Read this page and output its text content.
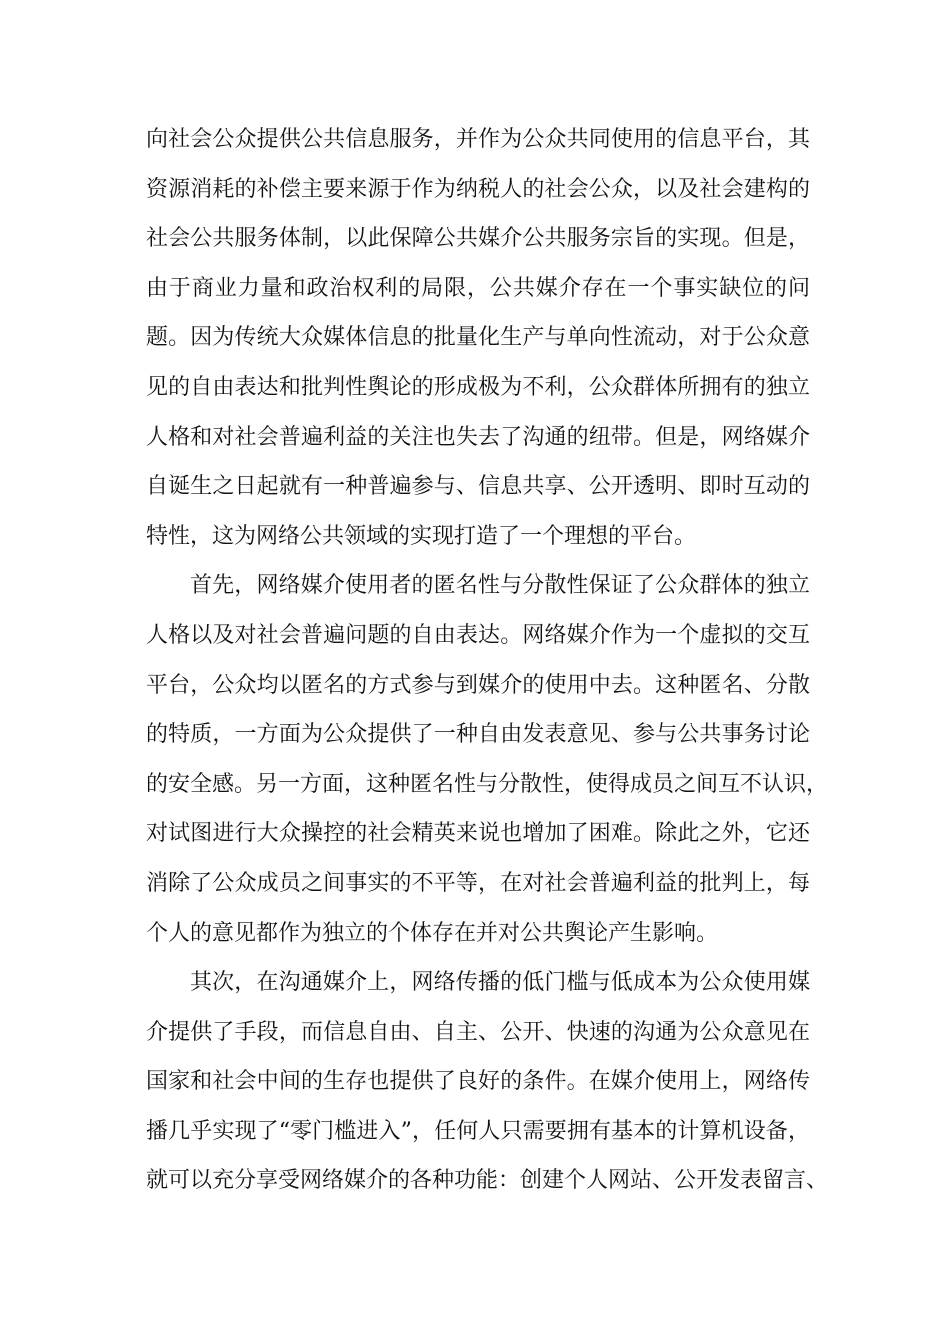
向社会公众提供公共信息服务，并作为公众共同使用的信息平台，其
资源消耗的补偿主要来源于作为纳税人的社会公众，以及社会建构的
社会公共服务体制，以此保障公共媒介公共服务宗旨的实现。但是，
由于商业力量和政治权利的局限，公共媒介存在一个事实缺位的问
题。因为传统大众媒体信息的批量化生产与单向性流动，对于公众意
见的自由表达和批判性舆论的形成极为不利，公众群体所拥有的独立
人格和对社会普遍利益的关注也失去了沟通的纽带。但是，网络媒介
自诞生之日起就有一种普遍参与、信息共享、公开透明、即时互动的
特性，这为网络公共领域的实现打造了一个理想的平台。
首先，网络媒介使用者的匿名性与分散性保证了公众群体的独立
人格以及对社会普遍问题的自由表达。网络媒介作为一个虚拟的交互
平台，公众均以匿名的方式参与到媒介的使用中去。这种匿名、分散
的特质，一方面为公众提供了一种自由发表意见、参与公共事务讨论
的安全感。另一方面，这种匿名性与分散性，使得成员之间互不认识，
对试图进行大众操控的社会精英来说也增加了困难。除此之外，它还
消除了公众成员之间事实的不平等，在对社会普遍利益的批判上，每
个人的意见都作为独立的个体存在并对公共舆论产生影响。
其次，在沟通媒介上，网络传播的低门槛与低成本为公众使用媒
介提供了手段，而信息自由、自主、公开、快速的沟通为公众意见在
国家和社会中间的生存也提供了良好的条件。在媒介使用上，网络传
播几乎实现了“零门槛进入”，任何人只需要拥有基本的计算机设备，
就可以充分享受网络媒介的各种功能：创建个人网站、公开发表留言、
